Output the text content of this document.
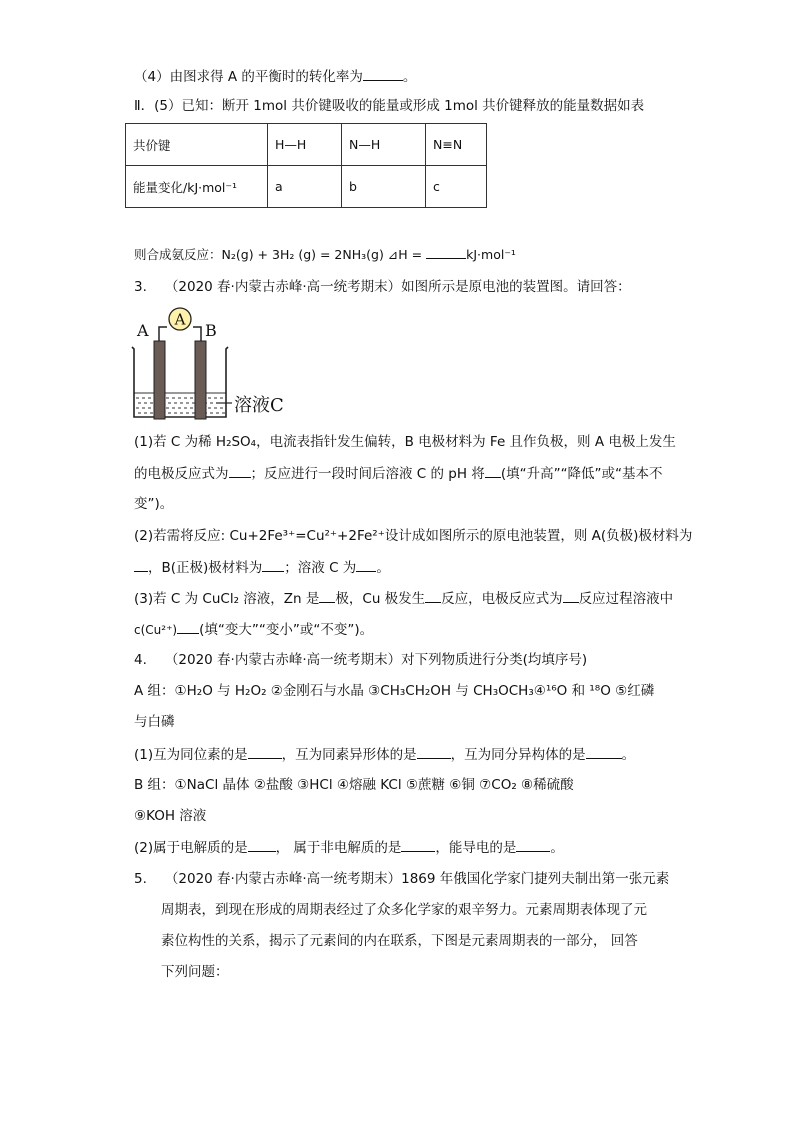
（4）由图求得 A 的平衡时的转化率为	。
Ⅱ．(5）已知：断开 1mol 共价键吸收的能量或形成 1mol 共价键释放的能量数据如表
共价键	H—H	N—H	N≡N
能量变化/kJ·mol⁻¹	a	b	c
则合成氨反应：N₂(g) + 3H₂ (g) = 2NH₃(g) ⊿H =	kJ·mol⁻¹
3. （2020 春·内蒙古赤峰·高一统考期末）如图所示是原电池的装置图。请回答：
A
A	B
溶液C
(1)若 C 为稀 H₂SO₄，电流表指针发生偏转，B 电极材料为 Fe 且作负极，则 A 电极上发生
的电极反应式为 ；反应进行一段时间后溶液 C 的 pH 将 (填“升高”“降低”或“基本不
变”)。
(2)若需将反应: Cu+2Fe³⁺=Cu²⁺+2Fe²⁺设计成如图所示的原电池装置，则 A(负极)极材料为
，B(正极)极材料为 ；溶液 C 为 。
(3)若 C 为 CuCl₂ 溶液，Zn 是 极，Cu 极发生 反应，电极反应式为 反应过程溶液中
c(Cu²⁺) (填“变大”“变小”或“不变”)。
4. （2020 春·内蒙古赤峰·高一统考期末）对下列物质进行分类(均填序号)
A 组：①H₂O 与 H₂O₂ ②金刚石与水晶 ③CH₃CH₂OH 与 CH₃OCH₃④¹⁶O 和 ¹⁸O ⑤红磷
与白磷
(1)互为同位素的是	，互为同素异形体的是	，互为同分异构体的是	。
B 组：①NaCl 晶体 ②盐酸 ③HCl ④熔融 KCl ⑤蔗糖 ⑥铜 ⑦CO₂ ⑧稀硫酸
⑨KOH 溶液
(2)属于电解质的是 ， 属于非电解质的是	，能导电的是	。
5. （2020 春·内蒙古赤峰·高一统考期末）1869 年俄国化学家门捷列夫制出第一张元素
周期表，到现在形成的周期表经过了众多化学家的艰辛努力。元素周期表体现了元
素位构性的关系，揭示了元素间的内在联系，下图是元素周期表的一部分， 回答
下列问题：
